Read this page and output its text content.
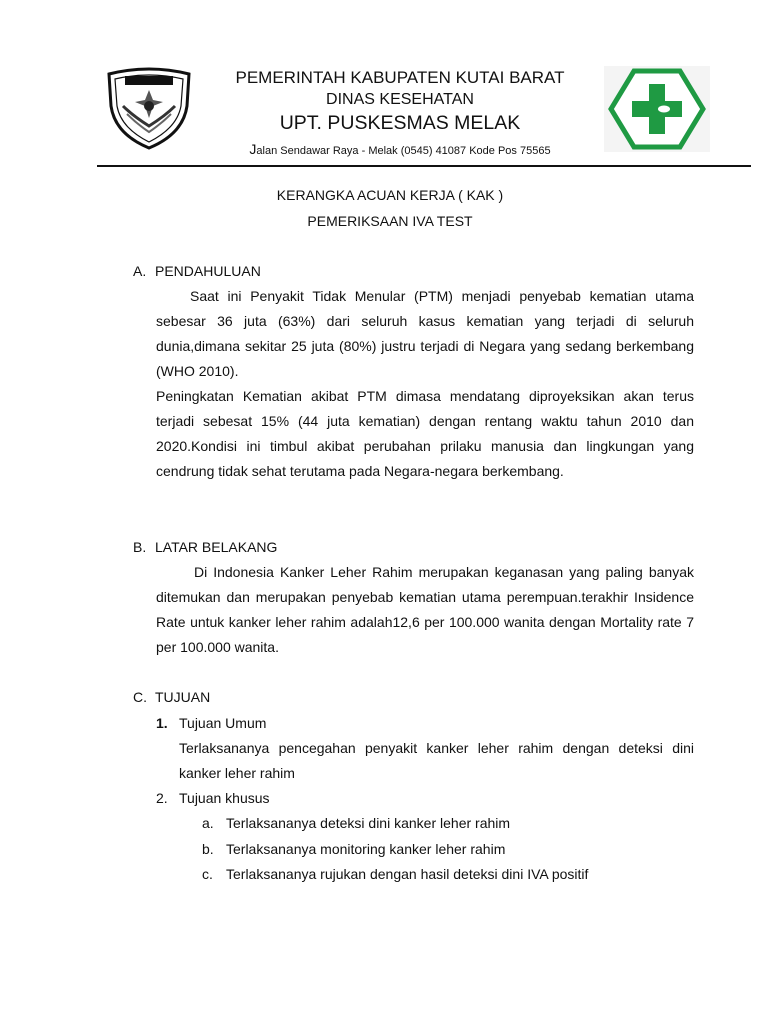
PEMERINTAH KABUPATEN KUTAI BARAT
DINAS KESEHATAN
UPT. PUSKESMAS MELAK
Jalan Sendawar Raya - Melak (0545) 41087 Kode Pos 75565
KERANGKA ACUAN KERJA ( KAK )
PEMERIKSAAN IVA TEST
A. PENDAHULUAN
Saat ini Penyakit Tidak Menular (PTM) menjadi penyebab kematian utama sebesar 36 juta (63%) dari seluruh kasus kematian yang terjadi di seluruh dunia,dimana sekitar 25 juta (80%) justru terjadi di Negara yang sedang berkembang (WHO 2010).
Peningkatan Kematian akibat PTM dimasa mendatang diproyeksikan akan terus terjadi sebesat 15% (44 juta kematian) dengan rentang waktu tahun 2010 dan 2020.Kondisi ini timbul akibat perubahan prilaku manusia dan lingkungan yang cendrung tidak sehat terutama pada Negara-negara berkembang.
B. LATAR BELAKANG
Di Indonesia Kanker Leher Rahim merupakan keganasan yang paling banyak ditemukan dan merupakan penyebab kematian utama perempuan.terakhir Insidence Rate untuk kanker leher rahim adalah12,6 per 100.000 wanita dengan Mortality rate 7 per 100.000 wanita.
C. TUJUAN
1. Tujuan Umum
Terlaksananya pencegahan penyakit kanker leher rahim dengan deteksi dini kanker leher rahim
2. Tujuan khusus
a. Terlaksananya deteksi dini kanker leher rahim
b. Terlaksananya monitoring kanker leher rahim
c. Terlaksananya rujukan dengan hasil deteksi dini IVA positif
